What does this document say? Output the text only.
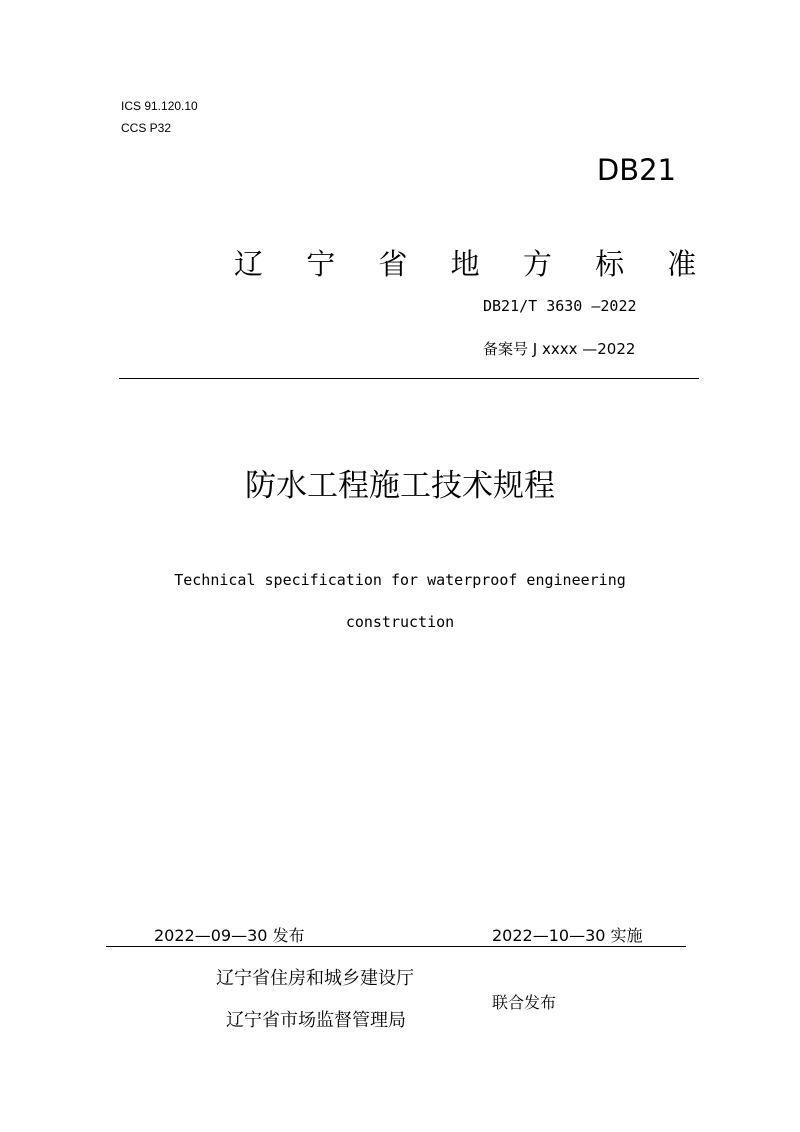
ICS 91.120.10
CCS P32
DB21
辽 宁 省 地 方 标 准
DB21/T 3630 —2022
备案号 J xxxx —2022
防水工程施工技术规程
Technical specification for waterproof engineering
construction
2022—09—30 发布	2022—10—30 实施
辽宁省住房和城乡建设厅
辽宁省市场监督管理局
联合发布
